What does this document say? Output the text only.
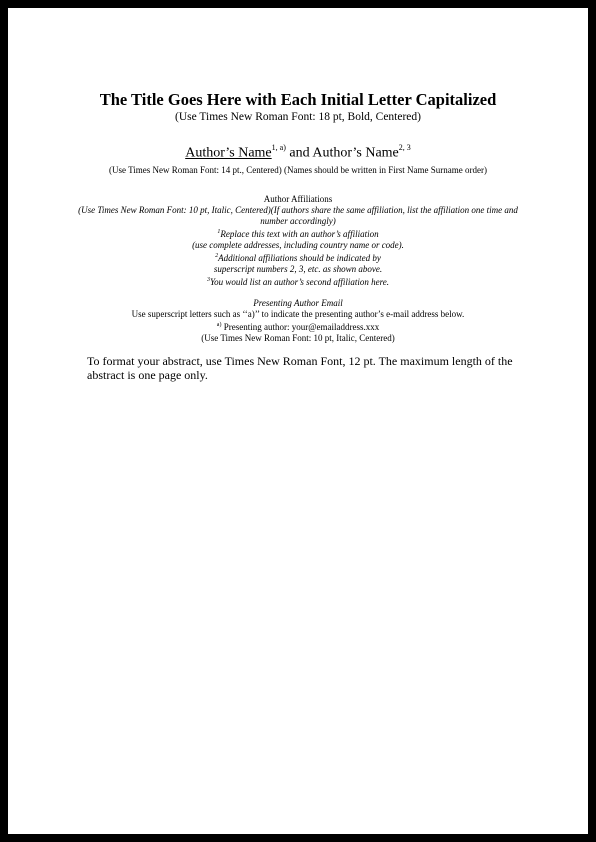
The Title Goes Here with Each Initial Letter Capitalized
(Use Times New Roman Font: 18 pt, Bold, Centered)
Author’s Name$^{1, a)}$ and Author’s Name$^{2, 3}$
(Use Times New Roman Font: 14 pt., Centered) (Names should be written in First Name Surname order)
Author Affiliations
(Use Times New Roman Font: 10 pt, Italic, Centered)(If authors share the same affiliation, list the affiliation one time and number accordingly)
$^1$Replace this text with an author’s affiliation
(use complete addresses, including country name or code).
$^2$Additional affiliations should be indicated by
superscript numbers 2, 3, etc. as shown above.
$^3$You would list an author’s second affiliation here.
Presenting Author Email
Use superscript letters such as ‘‘a)’’ to indicate the presenting author’s e-mail address below.
$^{a)}$ Presenting author: your@emailaddress.xxx
(Use Times New Roman Font: 10 pt, Italic, Centered)
To format your abstract, use Times New Roman Font, 12 pt. The maximum length of the abstract is one page only.
